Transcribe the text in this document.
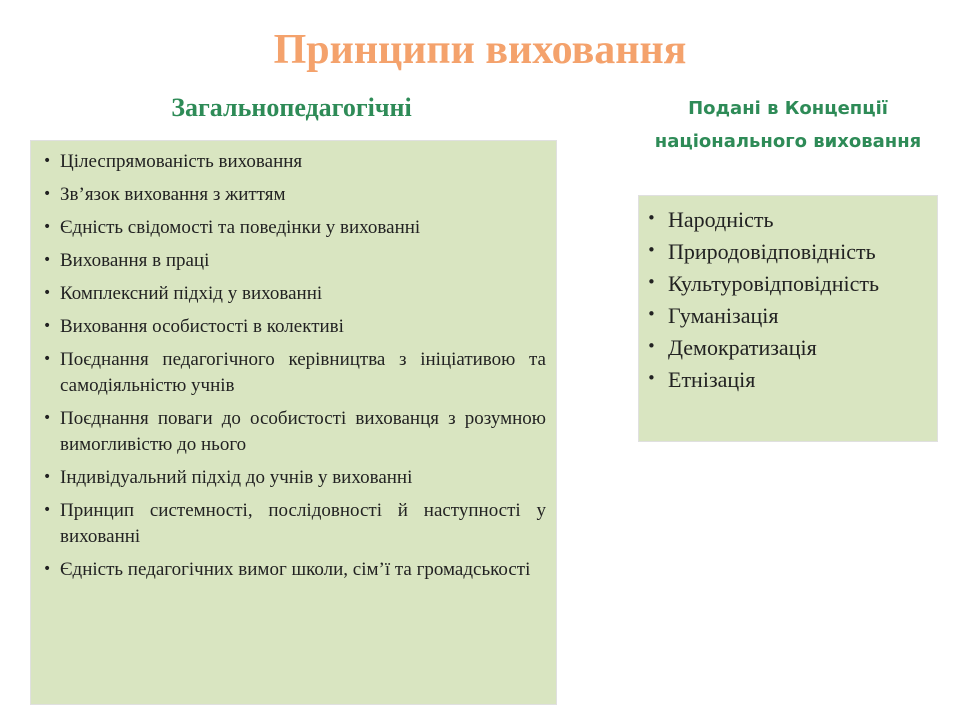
Принципи виховання
Загальнопедагогічні	Подані в Концепції
національного виховання
• Цілеспрямованість виховання
• Зв’язок виховання з життям
• Єдність свідомості та поведінки у вихованні
• Виховання в праці
• Комплексний підхід у вихованні
• Виховання особистості в колективі
• Поєднання педагогічного керівництва з ініціативою та самодіяльністю учнів
• Поєднання поваги до особистості вихованця з розумною вимогливістю до нього
• Індивідуальний підхід до учнів у вихованні
• Принцип системності, послідовності й наступності у вихованні
• Єдність педагогічних вимог школи, сім’ї та громадськості
• Народність
• Природовідповідність
• Культуровідповідність
• Гуманізація
• Демократизація
• Етнізація
